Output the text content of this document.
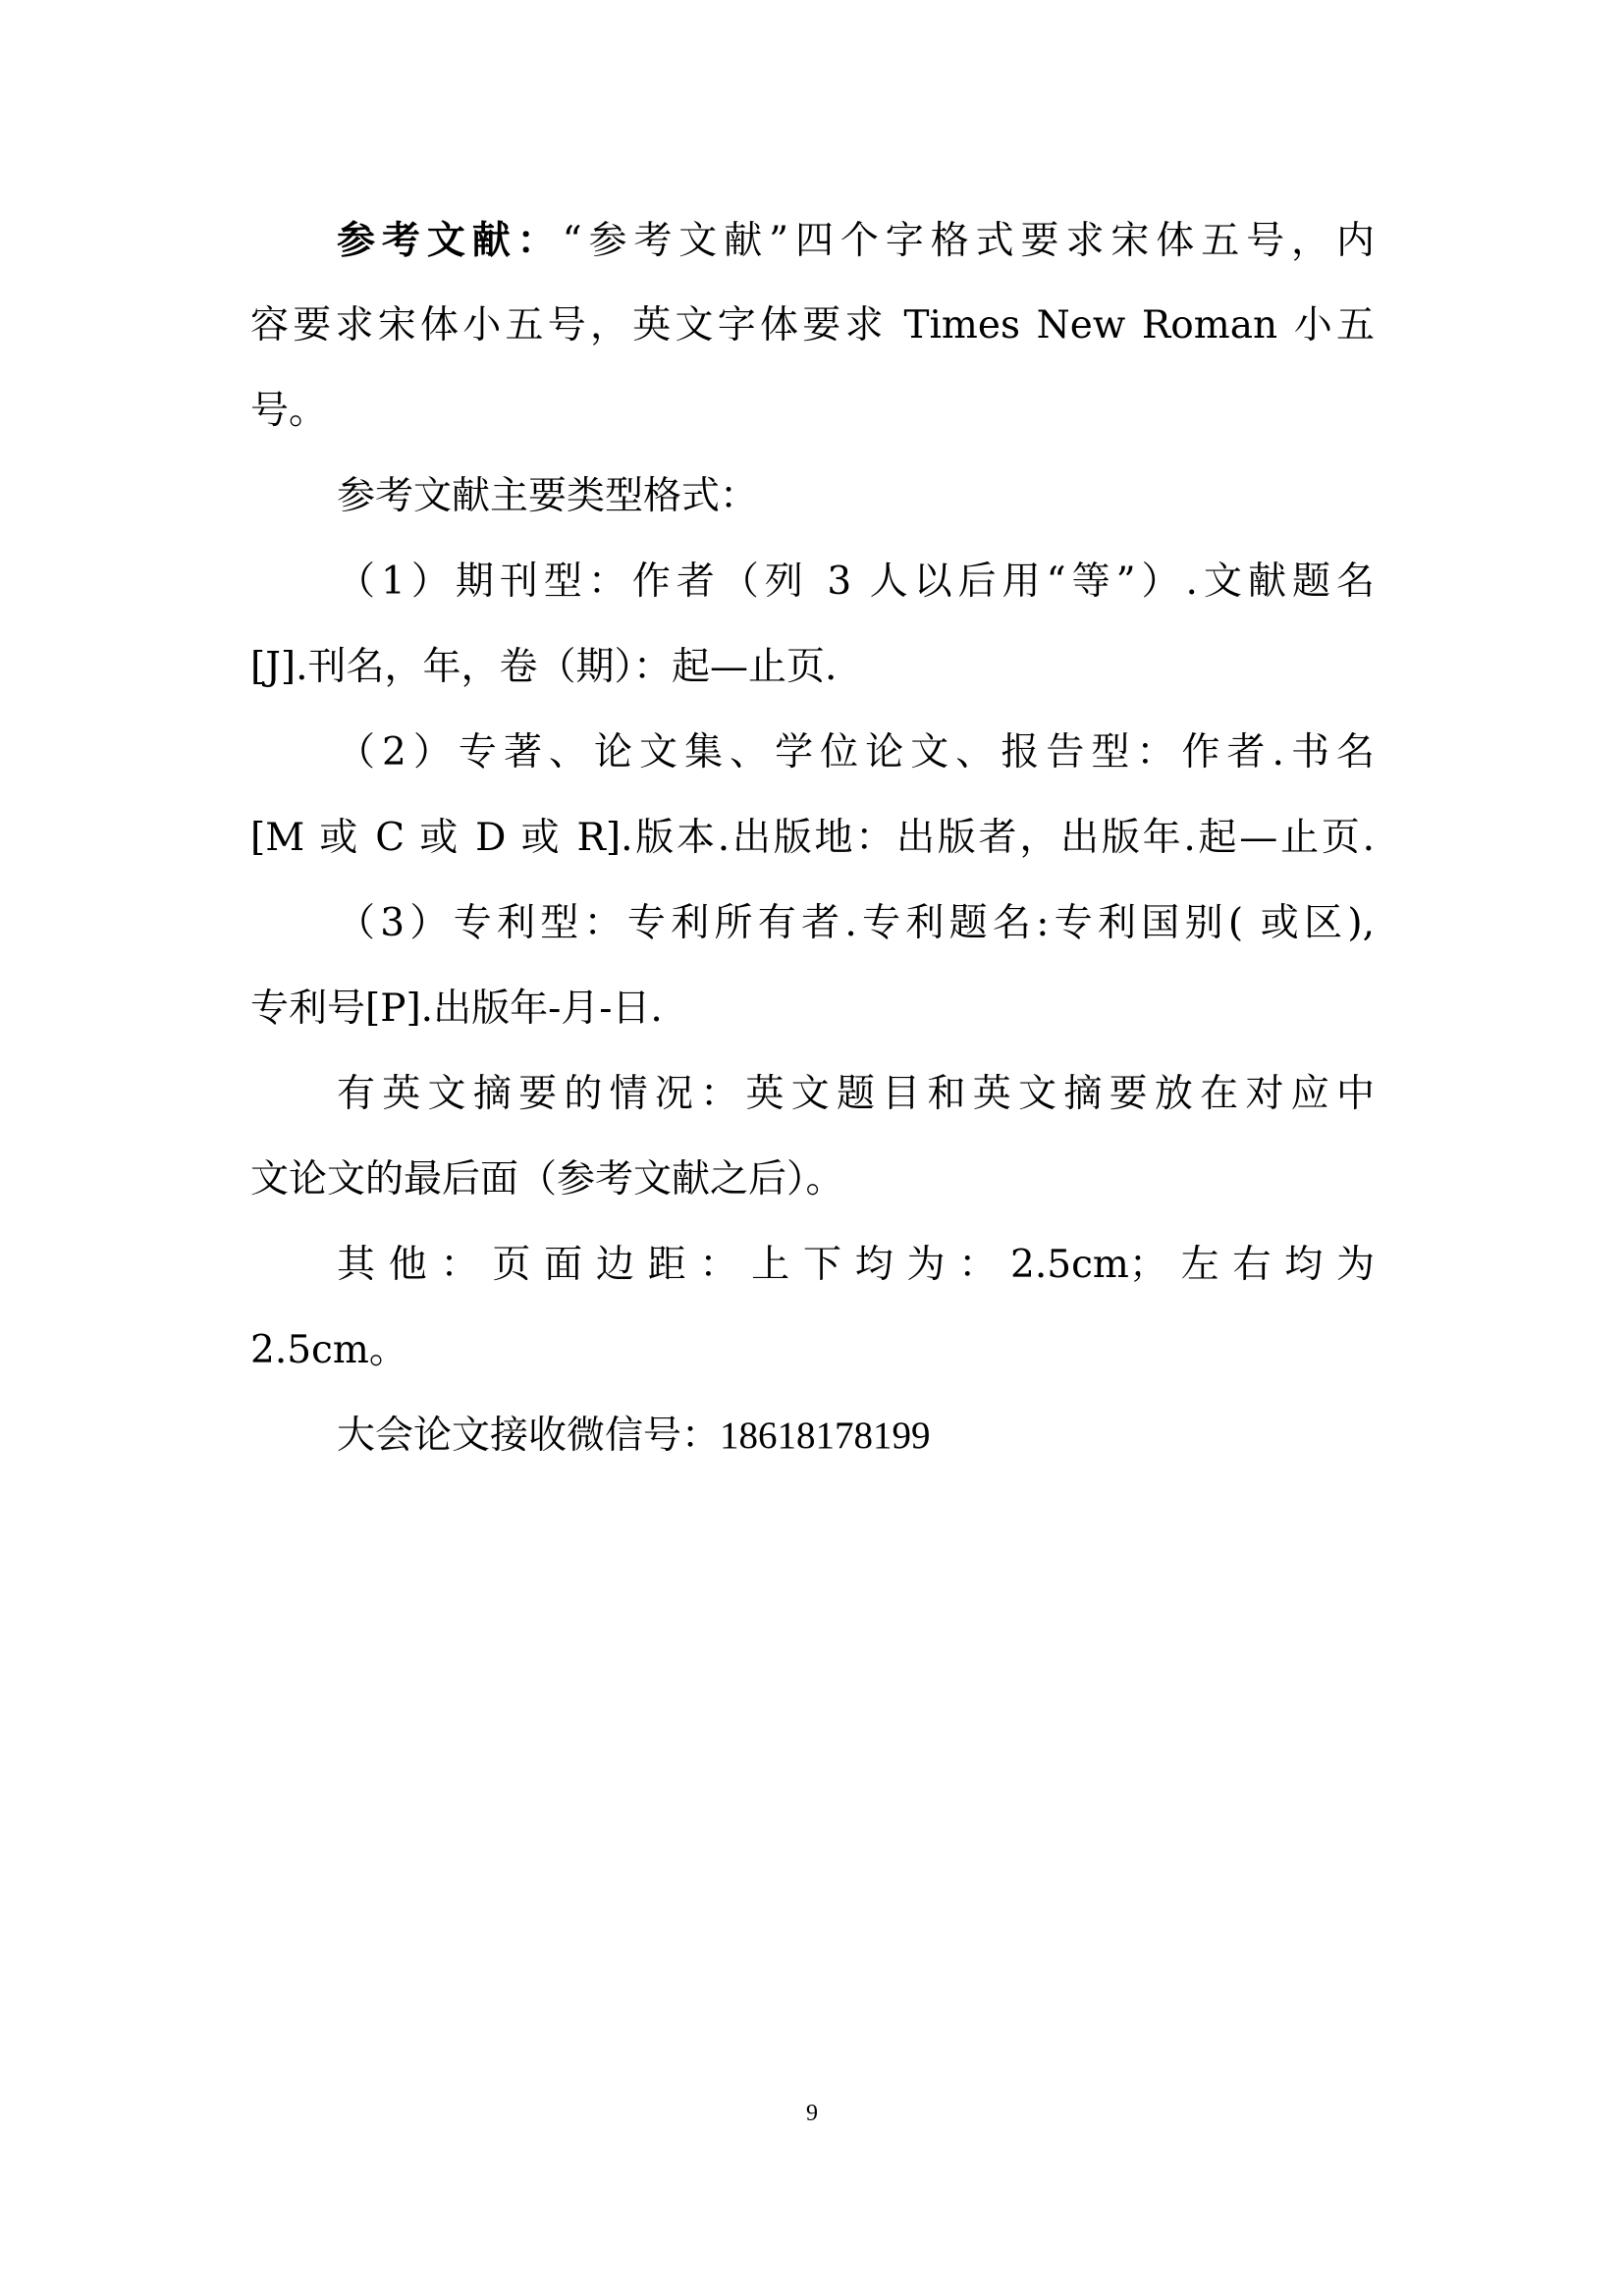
参考文献：“参考文献”四个字格式要求宋体五号，内
容要求宋体小五号，英文字体要求 Times New Roman 小五
号。
参考文献主要类型格式：
（1）期刊型：作者（列 3 人以后用“等”）.文献题名
[J].刊名，年，卷（期）：起—止页.
（2）专著、论文集、学位论文、报告型：作者.书名
[M 或 C 或 D 或 R].版本.出版地：出版者，出版年.起—止页.
（3）专利型：专利所有者.专利题名:专利国别( 或区),
专利号[P].出版年-月-日.
有英文摘要的情况：英文题目和英文摘要放在对应中
文论文的最后面（参考文献之后）。
其他：页面边距：上下均为：2.5cm；左右均为
2.5cm。
大会论文接收微信号：18618178199
9
